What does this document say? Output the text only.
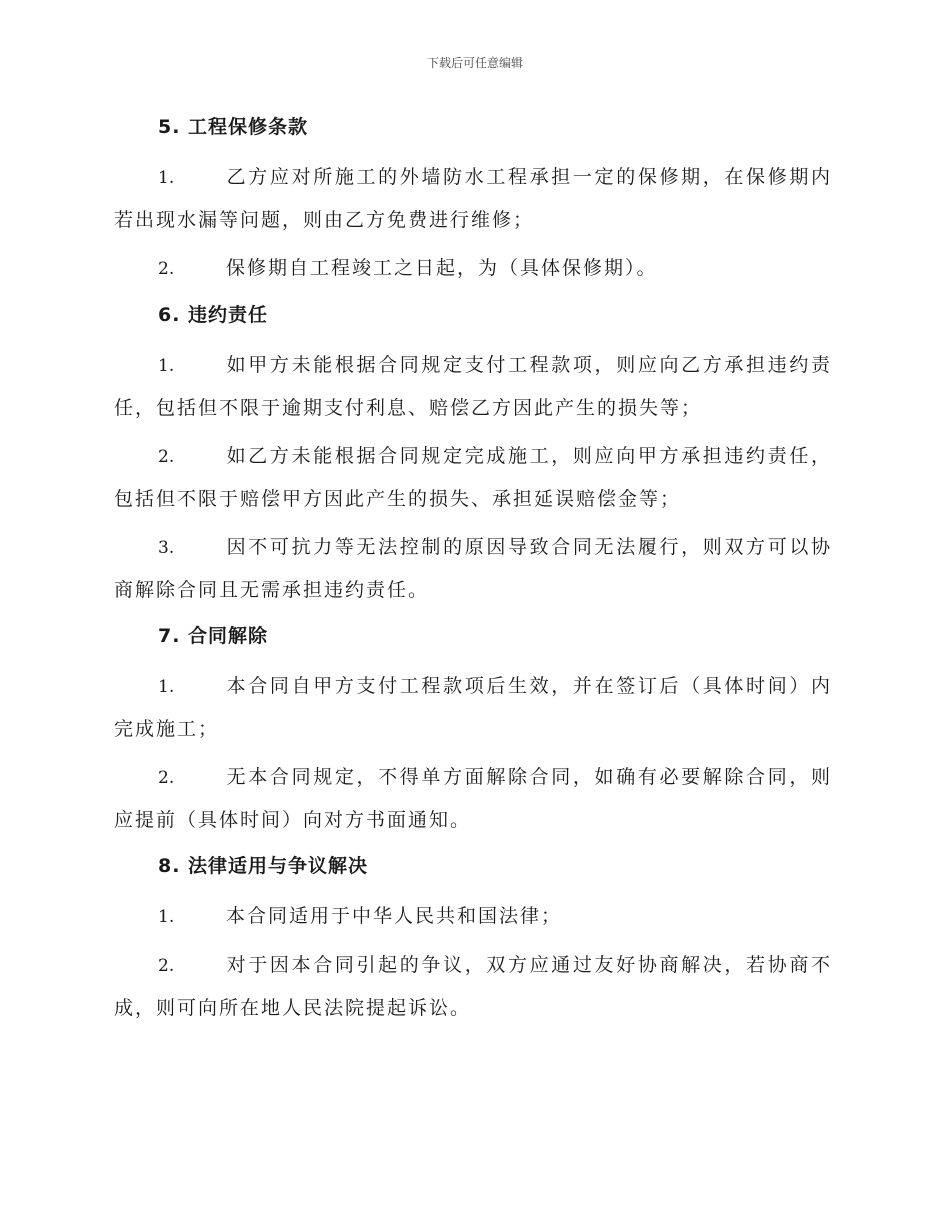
下载后可任意编辑
5. 工程保修条款

1.	乙方应对所施工的外墙防水工程承担一定的保修期，在保修期内若出现水漏等问题，则由乙方免费进行维修；

2.	保修期自工程竣工之日起，为（具体保修期）。

6. 违约责任

1.	如甲方未能根据合同规定支付工程款项，则应向乙方承担违约责任，包括但不限于逾期支付利息、赔偿乙方因此产生的损失等；

2.	如乙方未能根据合同规定完成施工，则应向甲方承担违约责任，包括但不限于赔偿甲方因此产生的损失、承担延误赔偿金等；

3.	因不可抗力等无法控制的原因导致合同无法履行，则双方可以协商解除合同且无需承担违约责任。

7. 合同解除

1.	本合同自甲方支付工程款项后生效，并在签订后（具体时间）内完成施工；

2.	无本合同规定，不得单方面解除合同，如确有必要解除合同，则应提前（具体时间）向对方书面通知。

8. 法律适用与争议解决

1.	本合同适用于中华人民共和国法律；

2.	对于因本合同引起的争议，双方应通过友好协商解决，若协商不成，则可向所在地人民法院提起诉讼。
